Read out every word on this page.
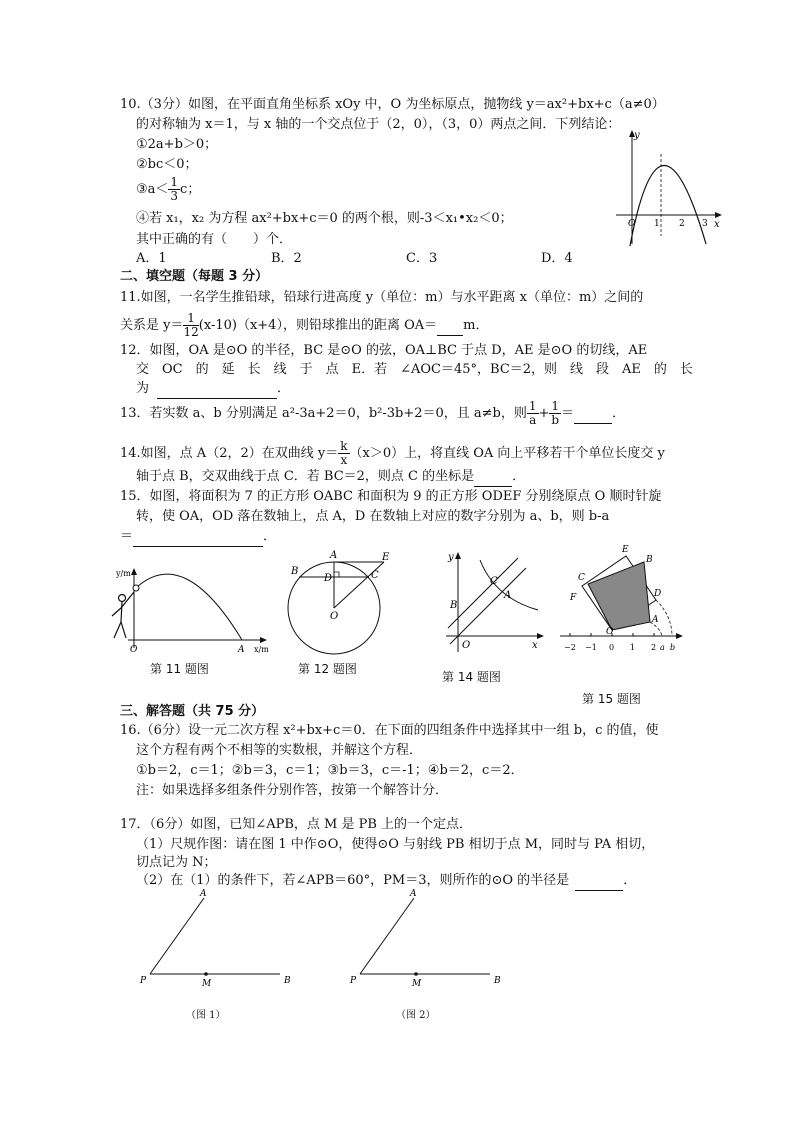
10.（3分）如图，在平面直角坐标系 xOy 中，O 为坐标原点，抛物线 y＝ax²+bx+c（a≠0）
的对称轴为 x＝1，与 x 轴的一个交点位于（2，0），（3，0）两点之间．下列结论：
①2a+b＞0；
②bc＜0；
③a＜ $\frac{1}{3}$ c；
④若 x₁，x₂ 为方程 ax²+bx+c＝0 的两个根，则-3＜x₁•x₂＜0；
其中正确的有（　　）个．
A．1	B．2	C．3	D．4
y
x
O 1 2 3
二、填空题（每题 3 分）
11.如图，一名学生推铅球，铅球行进高度 y（单位：m）与水平距离 x（单位：m）之间的
关系是 $y= \frac{1}{12} (x-10)(x+4)$，则铅球推出的距离 OA＝ m．
12．如图，OA 是⊙O 的半径，BC 是⊙O 的弦，OA⊥BC 于点 D，AE 是⊙O 的切线，AE
交　OC　的　延　长　线　于　点　E．若　∠AOC＝45°，BC＝2，则　线　段　AE　的　长
为	．
13．若实数 a、b 分别满足 a²-3a+2＝0，b²-3b+2＝0，且 a≠b，则 $\frac{1}{a} + \frac{1}{b}$ ＝	．
14.如图，点 A（2，2）在双曲线 $y= \frac{k}{x} (x>0)$上，将直线 OA 向上平移若干个单位长度交 y
轴于点 B，交双曲线于点 C．若 BC＝2，则点 C 的坐标是	．
15．如图，将面积为 7 的正方形 OABC 和面积为 9 的正方形 ODEF 分别绕原点 O 顺时针旋
转，使 OA，OD 落在数轴上，点 A，D 在数轴上对应的数字分别为 a、b，则 b-a
＝	．
y/m
x/m
O	A
第 11 题图
A
B	C
D
E
O
第 12 题图
y
x
O
A
B
C
第 14 题图
E
F
C
B
D
A
O
−2 −1 0 1 2 a b
第 15 题图
三、解答题（共 75 分）
16.（6分）设一元二次方程 x²+bx+c＝0．在下面的四组条件中选择其中一组 b，c 的值，使
这个方程有两个不相等的实数根，并解这个方程．
①b＝2，c＝1；②b＝3，c＝1；③b＝3，c＝-1；④b＝2，c＝2．
注：如果选择多组条件分别作答，按第一个解答计分．
17．（6分）如图，已知∠APB，点 M 是 PB 上的一个定点．
（1）尺规作图：请在图 1 中作⊙O，使得⊙O 与射线 PB 相切于点 M，同时与 PA 相切，
切点记为 N；
（2）在（1）的条件下，若∠APB＝60°，PM＝3，则所作的⊙O 的半径是	．
A
P	M	B
（图 1）
A
P	M	B
（图 2）
